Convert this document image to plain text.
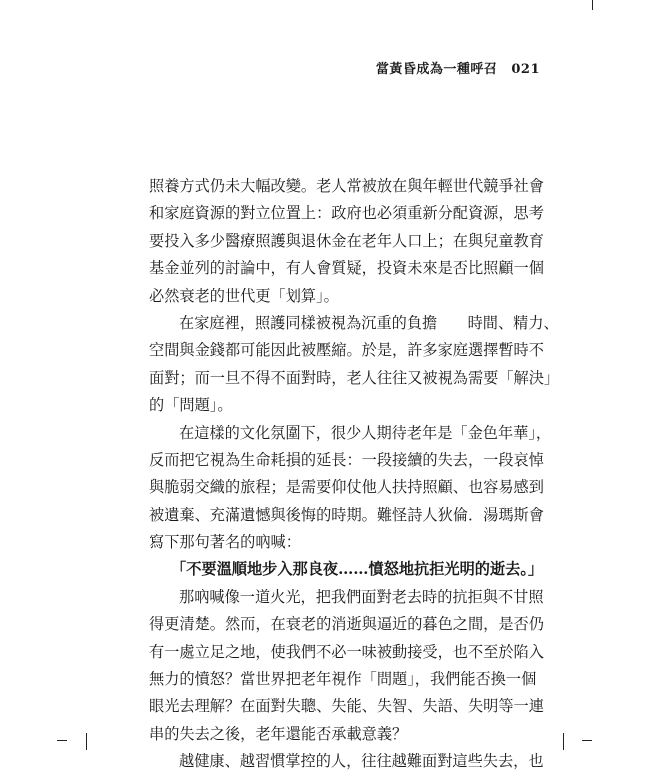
當黃昏成為一種呼召 021
照養方式仍未大幅改變。老人常被放在與年輕世代競爭社會
和家庭資源的對立位置上：政府也必須重新分配資源，思考
要投入多少醫療照護與退休金在老年人口上；在與兒童教育
基金並列的討論中，有人會質疑，投資未來是否比照顧一個
必然衰老的世代更「划算」。
在家庭裡，照護同樣被視為沉重的負擔　　時間、精力、
空間與金錢都可能因此被壓縮。於是，許多家庭選擇暫時不
面對；而一旦不得不面對時，老人往往又被視為需要「解決」
的「問題」。
在這樣的文化氛圍下，很少人期待老年是「金色年華」，
反而把它視為生命耗損的延長：一段接續的失去，一段哀悼
與脆弱交織的旅程；是需要仰仗他人扶持照顧、也容易感到
被遺棄、充滿遺憾與後悔的時期。難怪詩人狄倫．湯瑪斯會
寫下那句著名的吶喊：
「不要溫順地步入那良夜……憤怒地抗拒光明的逝去。」
那吶喊像一道火光，把我們面對老去時的抗拒與不甘照
得更清楚。然而，在衰老的消逝與逼近的暮色之間，是否仍
有一處立足之地，使我們不必一味被動接受，也不至於陷入
無力的憤怒？當世界把老年視作「問題」，我們能否換一個
眼光去理解？在面對失聰、失能、失智、失語、失明等一連
串的失去之後，老年還能否承載意義？
越健康、越習慣掌控的人，往往越難面對這些失去，也
